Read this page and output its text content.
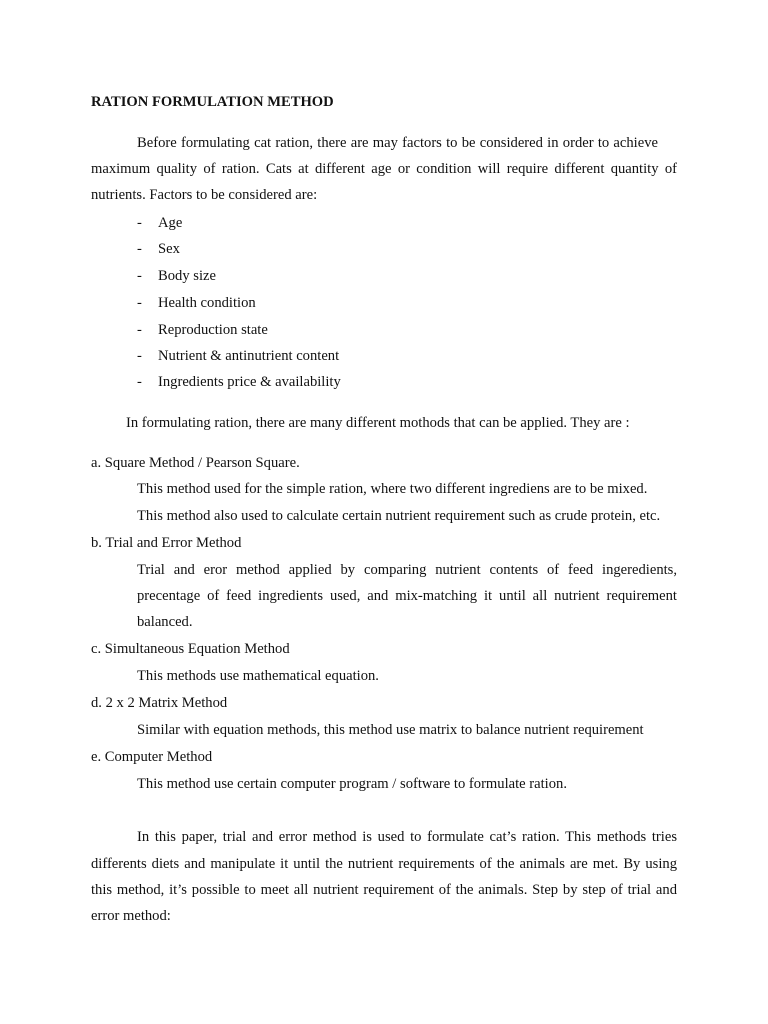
RATION FORMULATION METHOD
Before formulating cat ration, there are may factors to be considered in order to achieve
maximum quality of ration. Cats at different age or condition will require different quantity of
nutrients. Factors to be considered are:
- Age
- Sex
- Body size
- Health condition
- Reproduction state
- Nutrient & antinutrient content
- Ingredients price & availability
In formulating ration, there are many different mothods that can be applied. They are :
a. Square Method / Pearson Square.
This method used for the simple ration, where two different ingrediens are to be mixed.
This method also used to calculate certain nutrient requirement such as crude protein, etc.
b. Trial and Error Method
Trial and eror method applied by comparing nutrient contents of feed ingeredients,
precentage of feed ingredients used, and mix-matching it until all nutrient requirement
balanced.
c. Simultaneous Equation Method
This methods use mathematical equation.
d. 2 x 2 Matrix Method
Similar with equation methods, this method use matrix to balance nutrient requirement
e. Computer Method
This method use certain computer program / software to formulate ration.
In this paper, trial and error method is used to formulate cat’s ration. This methods tries
differents diets and manipulate it until the nutrient requirements of the animals are met. By using
this method, it’s possible to meet all nutrient requirement of the animals. Step by step of trial and
error method:
